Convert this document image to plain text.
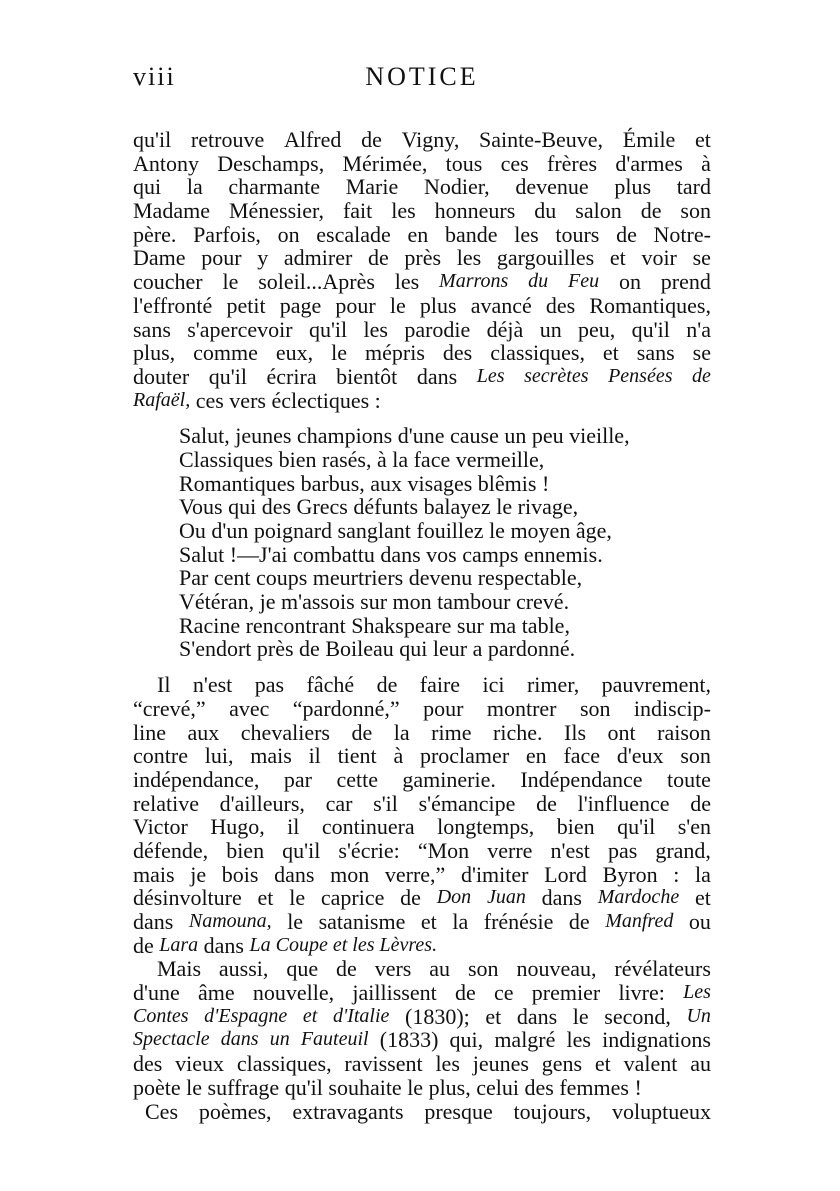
viii	NOTICE
qu'il retrouve Alfred de Vigny, Sainte-Beuve, Émile et
Antony Deschamps, Mérimée, tous ces frères d'armes à
qui la charmante Marie Nodier, devenue plus tard
Madame Ménessier, fait les honneurs du salon de son
père. Parfois, on escalade en bande les tours de Notre-
Dame pour y admirer de près les gargouilles et voir se
coucher le soleil...Après les Marrons du Feu on prend
l'effronté petit page pour le plus avancé des Romantiques,
sans s'apercevoir qu'il les parodie déjà un peu, qu'il n'a
plus, comme eux, le mépris des classiques, et sans se
douter qu'il écrira bientôt dans Les secrètes Pensées de
Rafaël, ces vers éclectiques :
Salut, jeunes champions d'une cause un peu vieille,
Classiques bien rasés, à la face vermeille,
Romantiques barbus, aux visages blêmis !
Vous qui des Grecs défunts balayez le rivage,
Ou d'un poignard sanglant fouillez le moyen âge,
Salut !—J'ai combattu dans vos camps ennemis.
Par cent coups meurtriers devenu respectable,
Vétéran, je m'assois sur mon tambour crevé.
Racine rencontrant Shakspeare sur ma table,
S'endort près de Boileau qui leur a pardonné.
Il n'est pas fâché de faire ici rimer, pauvrement,
“crevé,” avec “pardonné,” pour montrer son indiscip-
line aux chevaliers de la rime riche. Ils ont raison
contre lui, mais il tient à proclamer en face d'eux son
indépendance, par cette gaminerie. Indépendance toute
relative d'ailleurs, car s'il s'émancipe de l'influence de
Victor Hugo, il continuera longtemps, bien qu'il s'en
défende, bien qu'il s'écrie: “Mon verre n'est pas grand,
mais je bois dans mon verre,” d'imiter Lord Byron : la
désinvolture et le caprice de Don Juan dans Mardoche et
dans Namouna, le satanisme et la frénésie de Manfred ou
de Lara dans La Coupe et les Lèvres.
Mais aussi, que de vers au son nouveau, révélateurs
d'une âme nouvelle, jaillissent de ce premier livre: Les
Contes d'Espagne et d'Italie (1830); et dans le second, Un
Spectacle dans un Fauteuil (1833) qui, malgré les indignations
des vieux classiques, ravissent les jeunes gens et valent au
poète le suffrage qu'il souhaite le plus, celui des femmes !
Ces poèmes, extravagants presque toujours, voluptueux
